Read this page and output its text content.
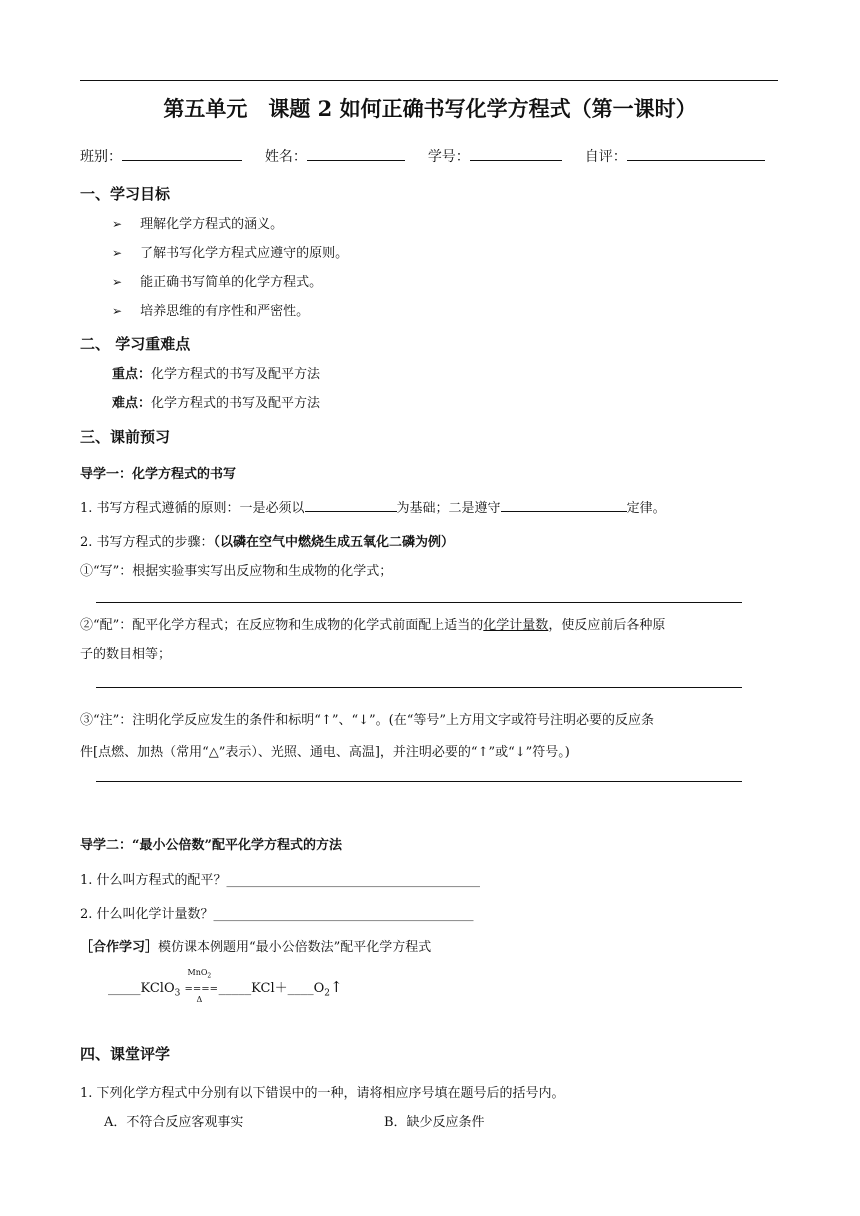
第五单元　课题 2 如何正确书写化学方程式（第一课时）
班别：	姓名：	学号：	自评：
一、学习目标
➢ 理解化学方程式的涵义。
➢ 了解书写化学方程式应遵守的原则。
➢ 能正确书写简单的化学方程式。
➢ 培养思维的有序性和严密性。
二、 学习重难点
重点：化学方程式的书写及配平方法
难点：化学方程式的书写及配平方法
三、课前预习
导学一：化学方程式的书写
1. 书写方程式遵循的原则：一是必须以	为基础；二是遵守	定律。
2. 书写方程式的步骤：（以磷在空气中燃烧生成五氧化二磷为例）
①“写”：根据实验事实写出反应物和生成物的化学式；
②“配”：配平化学方程式；在反应物和生成物的化学式前面配上适当的化学计量数，使反应前后各种原
子的数目相等；
③“注”：注明化学反应发生的条件和标明“↑”、“↓”。(在“等号”上方用文字或符号注明必要的反应条
件[点燃、加热（常用“△”表示）、光照、通电、高温]，并注明必要的“↑”或“↓”符号。)
导学二：“最小公倍数”配平化学方程式的方法
1. 什么叫方程式的配平？_______________________________________
2. 什么叫化学计量数？________________________________________
［合作学习］模仿课本例题用“最小公倍数法”配平化学方程式
_____KClO$_3$
MnO$_2$
====
Δ
$\_\_\_\_\_KCl+\_\_\_\_O_2↑$
四、课堂评学
1. 下列化学方程式中分别有以下错误中的一种，请将相应序号填在题号后的括号内。
A．不符合反应客观事实	B．缺少反应条件
